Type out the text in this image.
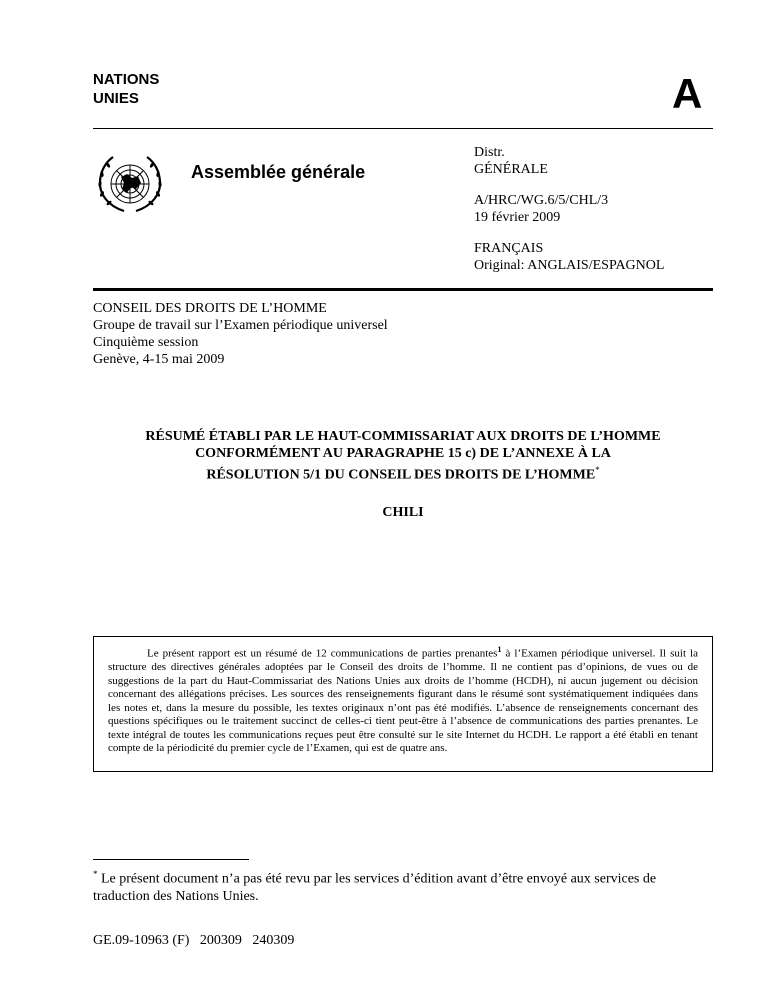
NATIONS
UNIES	A
Assemblée générale
Distr.
GÉNÉRALE
A/HRC/WG.6/5/CHL/3
19 février 2009
FRANÇAIS
Original: ANGLAIS/ESPAGNOL
CONSEIL DES DROITS DE L’HOMME
Groupe de travail sur l’Examen périodique universel
Cinquième session
Genève, 4-15 mai 2009
RÉSUMÉ ÉTABLI PAR LE HAUT-COMMISSARIAT AUX DROITS DE L’HOMME
CONFORMÉMENT AU PARAGRAPHE 15 c) DE L’ANNEXE À LA
RÉSOLUTION 5/1 DU CONSEIL DES DROITS DE L’HOMME*
CHILI

Le présent rapport est un résumé de 12 communications de parties prenantes$^1$ à l’Examen périodique universel. Il suit la structure des directives générales adoptées par le Conseil des droits de l’homme. Il ne contient pas d’opinions, de vues ou de suggestions de la part du Haut-Commissariat des Nations Unies aux droits de l’homme (HCDH), ni aucun jugement ou décision concernant des allégations précises. Les sources des renseignements figurant dans le résumé sont systématiquement indiquées dans les notes et, dans la mesure du possible, les textes originaux n’ont pas été modifiés. L’absence de renseignements concernant des questions spécifiques ou le traitement succinct de celles-ci tient peut-être à l’absence de communications des parties prenantes. Le texte intégral de toutes les communications reçues peut être consulté sur le site Internet du HCDH. Le rapport a été établi en tenant compte de la périodicité du premier cycle de l’Examen, qui est de quatre ans.

* Le présent document n’a pas été revu par les services d’édition avant d’être envoyé aux services de traduction des Nations Unies.
GE.09-10963 (F)   200309   240309
